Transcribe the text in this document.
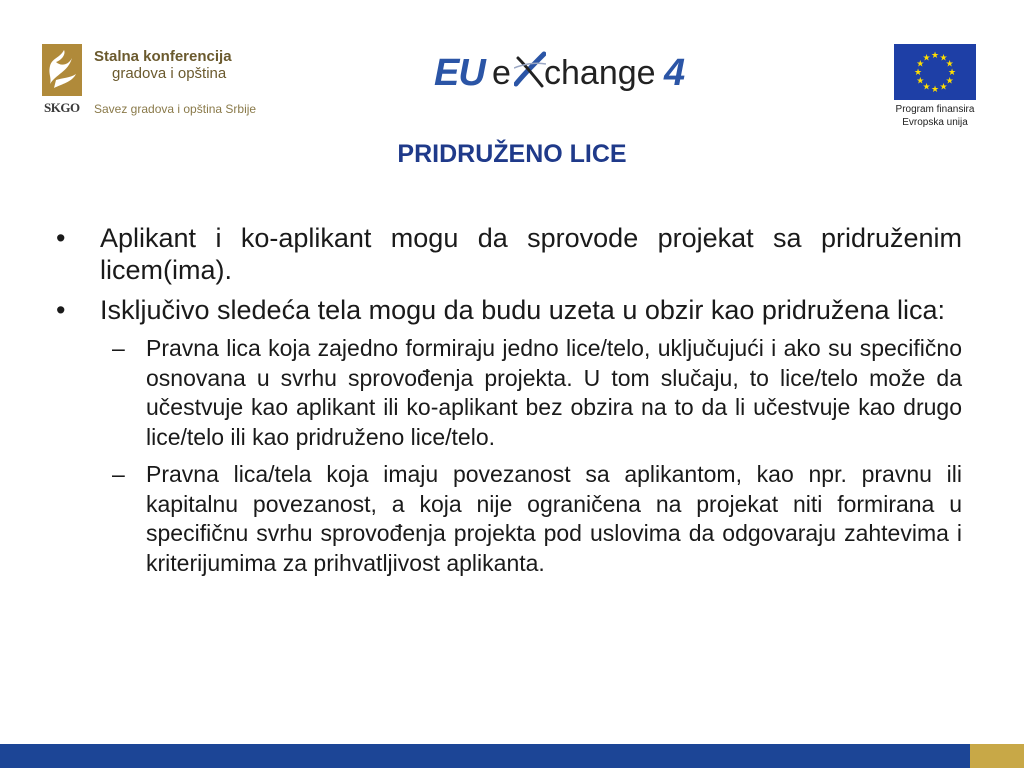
SKGO
Stalna konferencija
gradova i opština
Savez gradova i opština Srbije
EU e change 4	★ ★
★
★
★
★
★
★
★
★
★
★
Program finansira
Evropska unija
PRIDRUŽENO LICE
• Aplikant i ko-aplikant mogu da sprovode projekat sa pridruženim licem(ima).
• Isključivo sledeća tela mogu da budu uzeta u obzir kao pridružena lica:
– Pravna lica koja zajedno formiraju jedno lice/telo, uključujući i ako su specifično osnovana u svrhu sprovođenja projekta. U tom slučaju, to lice/telo može da učestvuje kao aplikant ili ko-aplikant bez obzira na to da li učestvuje kao drugo lice/telo ili kao pridruženo lice/telo.
– Pravna lica/tela koja imaju povezanost sa aplikantom, kao npr. pravnu ili kapitalnu povezanost, a koja nije ograničena na projekat niti formirana u specifičnu svrhu sprovođenja projekta pod uslovima da odgovaraju zahtevima i kriterijumima za prihvatljivost aplikanta.
